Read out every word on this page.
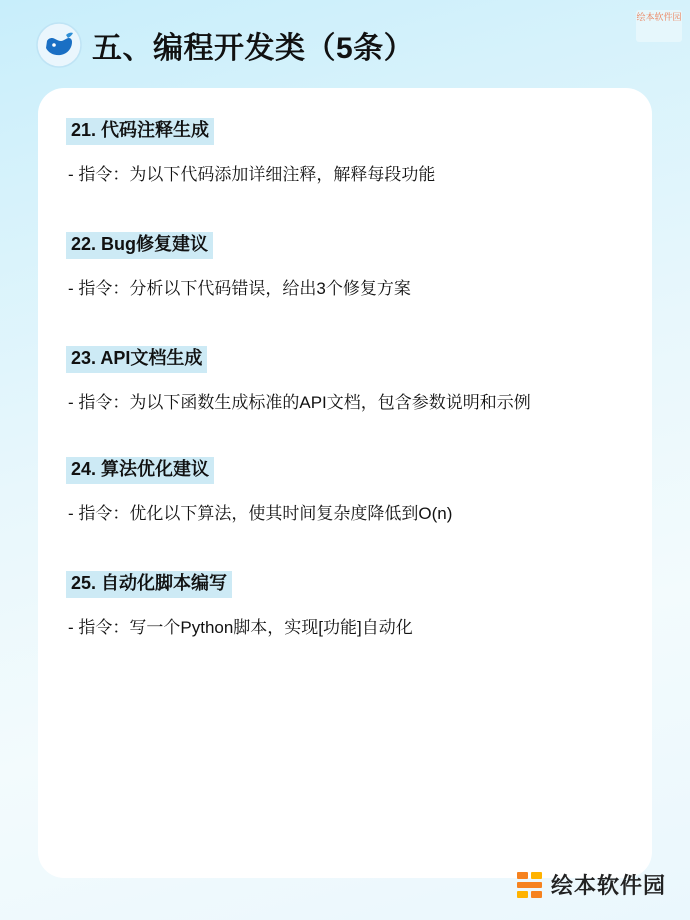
绘本软件园
五、编程开发类（5条）
21. 代码注释生成
- 指令：为以下代码添加详细注释，解释每段功能
22. Bug修复建议
- 指令：分析以下代码错误，给出3个修复方案
23. API文档生成
- 指令：为以下函数生成标准的API文档，包含参数说明和示例
24. 算法优化建议
- 指令：优化以下算法，使其时间复杂度降低到O(n)
25. 自动化脚本编写
- 指令：写一个Python脚本，实现[功能]自动化
绘本软件园
